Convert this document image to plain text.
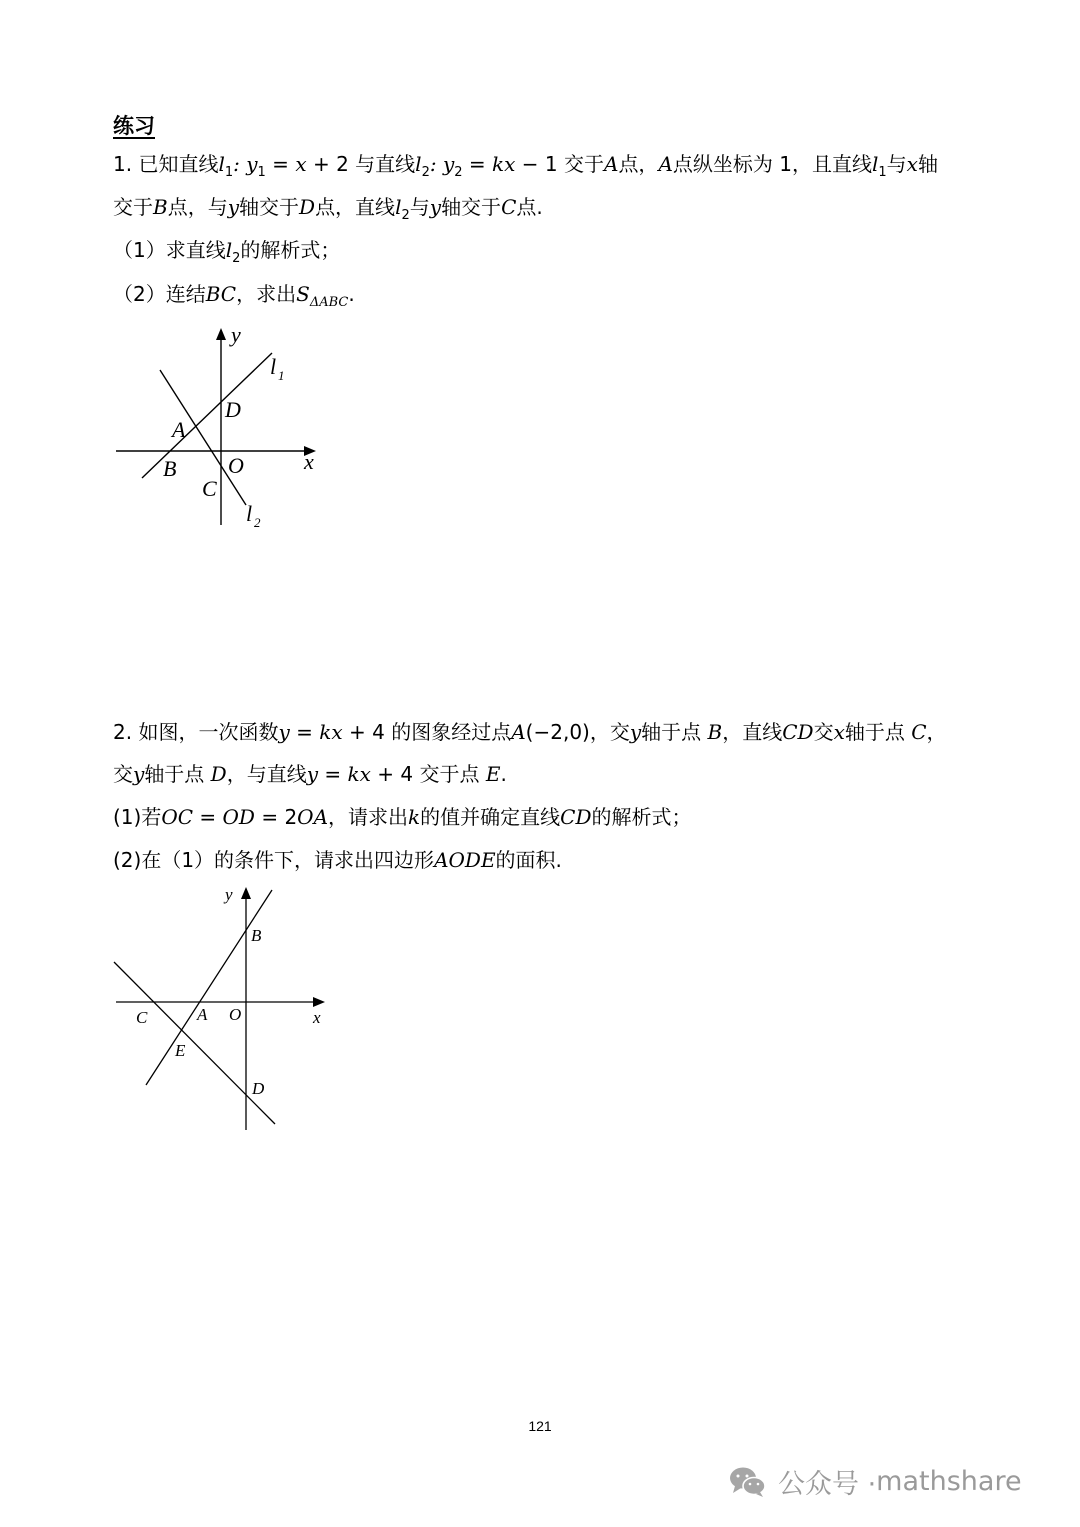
练习
1. 已知直线$l_1$: $y_1 = x + 2$ 与直线$l_2$: $y_2$ = kx − 1 交于A点，A点纵坐标为 1，且直线$l_1$与x轴
交于B点，与y轴交于D点，直线$l_2$与y轴交于C点.
（1）求直线$l_2$的解析式；
（2）连结BC，求出$S_{\Delta ABC}$.
y
x
l 1
l 2
A
B
C
D
O
2. 如图，一次函数y = kx + 4 的图象经过点A(−2,0)，交y轴于点 B，直线CD交x轴于点 C，
交y轴于点 D，与直线y = kx + 4 交于点 E.
(1)若OC = OD = 2OA，请求出k的值并确定直线CD的解析式；
(2)在（1）的条件下，请求出四边形AODE的面积.
y
x
B
C	A O
E
D
121
公众号 · mathshare
